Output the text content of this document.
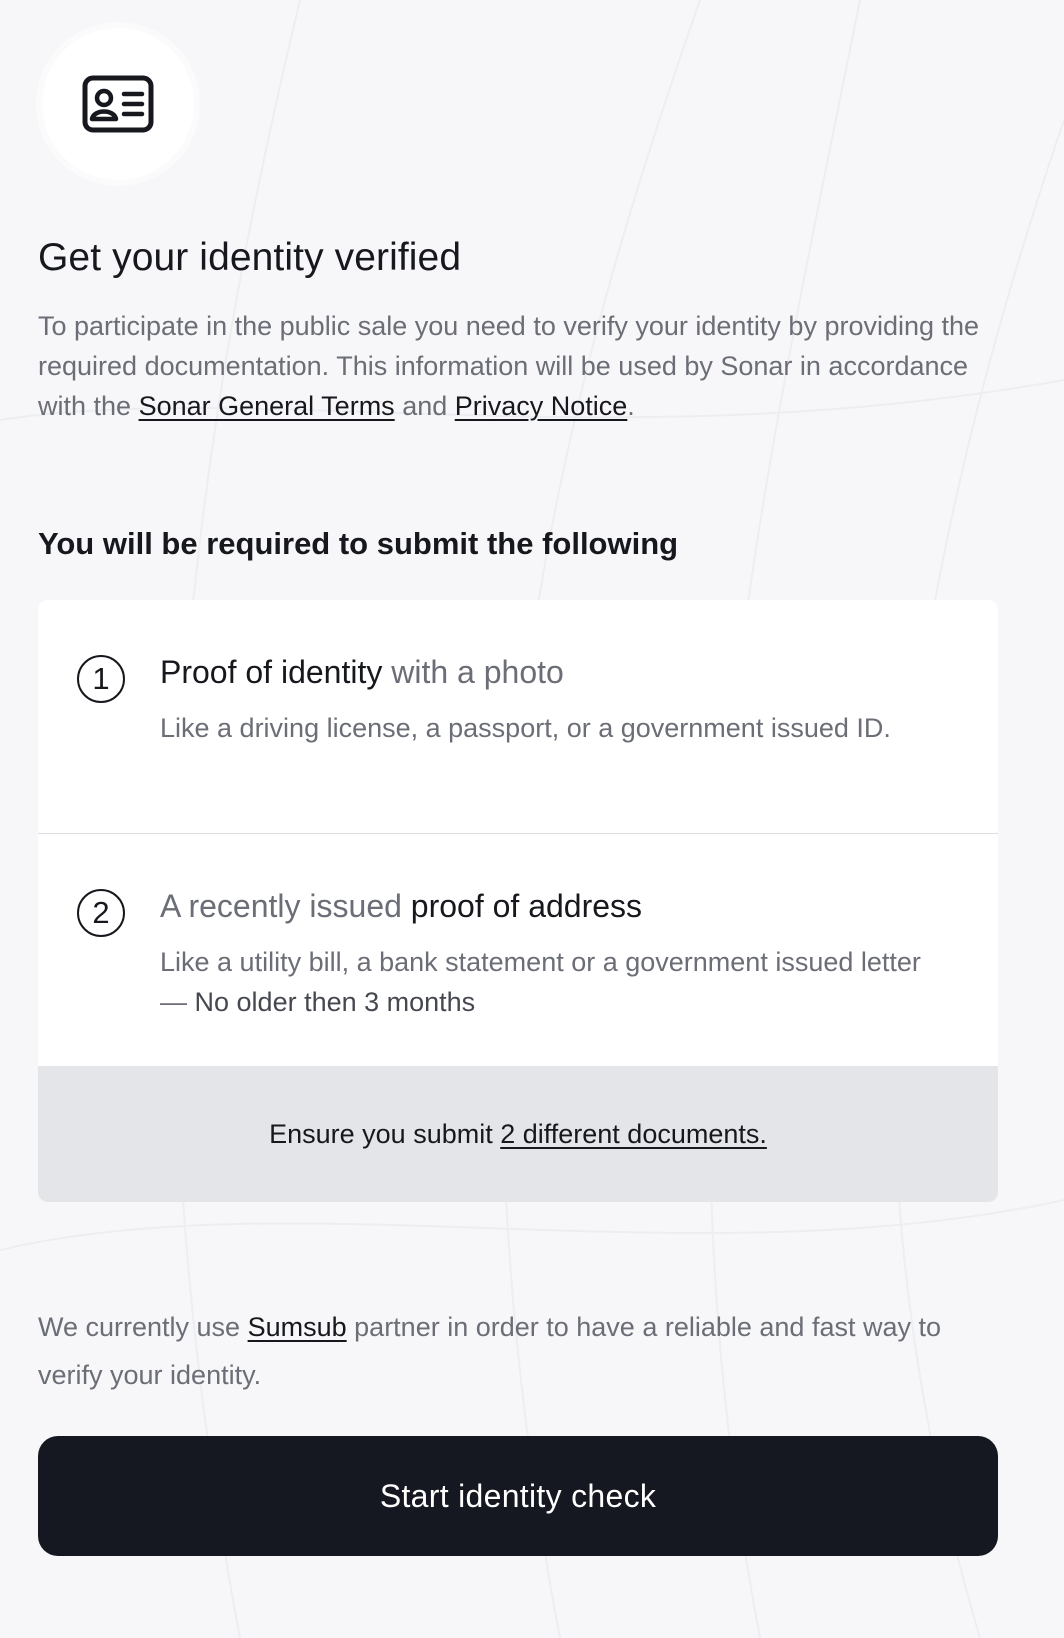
Get your identity verified

To participate in the public sale you need to verify your identity by providing the required documentation. This information will be used by Sonar in accordance with the Sonar General Terms and Privacy Notice.

You will be required to submit the following
1	Proof of identity with a photo
Like a driving license, a passport, or a government issued ID.
2	A recently issued proof of address
Like a utility bill, a bank statement or a government issued letter — No older then 3 months
Ensure you submit 2 different documents.

We currently use Sumsub partner in order to have a reliable and fast way to verify your identity.

Start identity check
